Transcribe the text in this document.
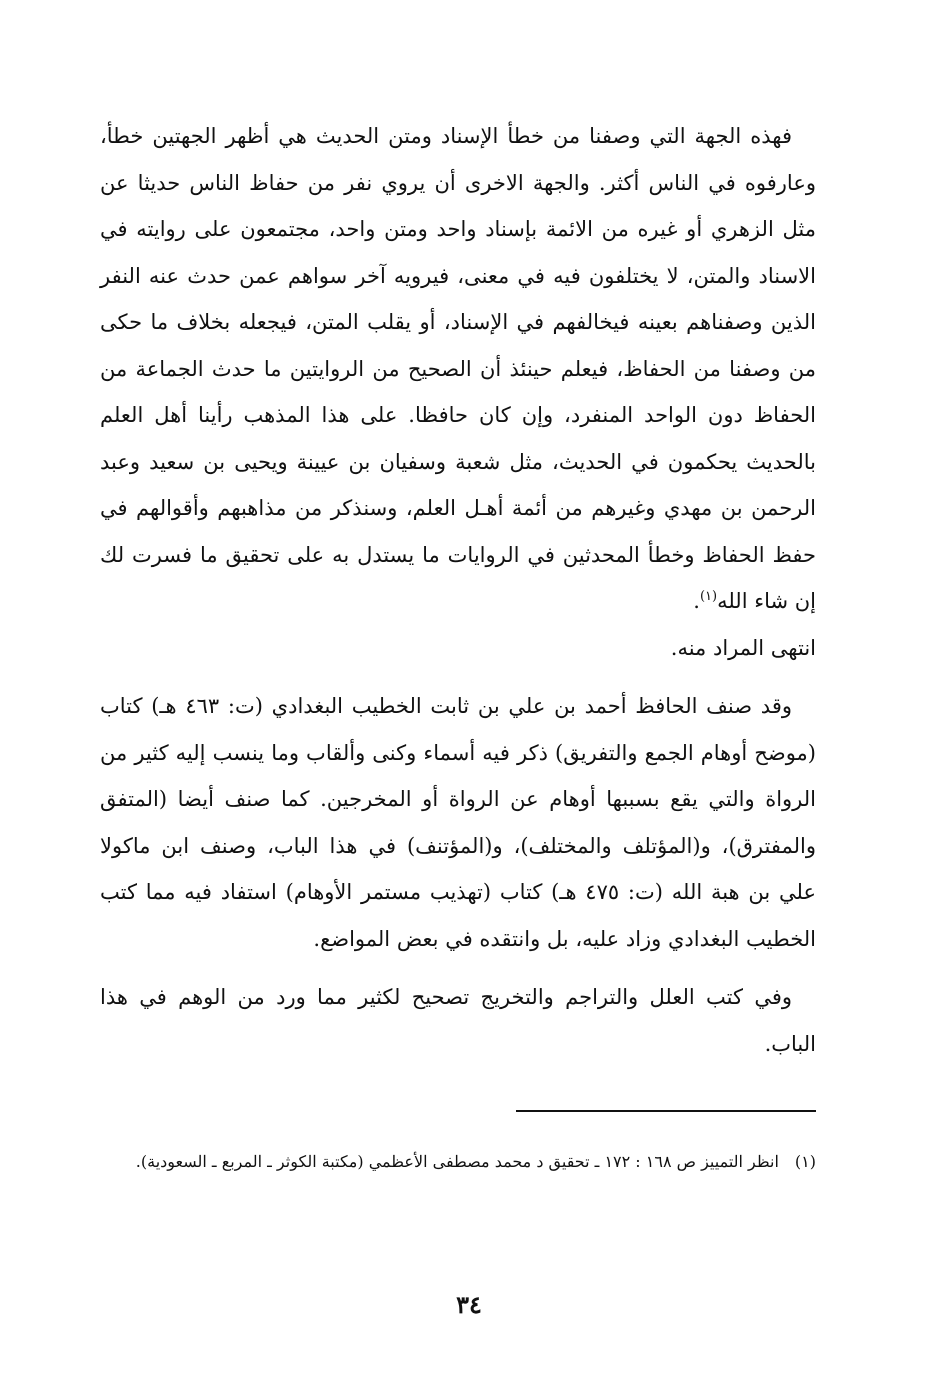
فهذه الجهة التي وصفنا من خطأ الإسناد ومتن الحديث هي أظهر الجهتين خطأ، وعارفوه في الناس أكثر. والجهة الاخرى أن يروي نفر من حفاظ الناس حديثا عن مثل الزهري أو غيره من الائمة بإسناد واحد ومتن واحد، مجتمعون على روايته في الاسناد والمتن، لا يختلفون فيه في معنى، فيرويه آخر سواهم عمن حدث عنه النفر الذين وصفناهم بعينه فيخالفهم في الإسناد، أو يقلب المتن، فيجعله بخلاف ما حكى من وصفنا من الحفاظ، فيعلم حينئذ أن الصحيح من الروايتين ما حدث الجماعة من الحفاظ دون الواحد المنفرد، وإن كان حافظا. على هذا المذهب رأينا أهل العلم بالحديث يحكمون في الحديث، مثل شعبة وسفيان بن عيينة ويحيى بن سعيد وعبد الرحمن بن مهدي وغيرهم من أئمة أهـل العلم، وسنذكر من مذاهبهم وأقوالهم في حفظ الحفاظ وخطأ المحدثين في الروايات ما يستدل به على تحقيق ما فسرت لك إن شاء الله$^{(١)}$.
انتهى المراد منه.

وقد صنف الحافظ أحمد بن علي بن ثابت الخطيب البغدادي (ت: ٤٦٣ هـ) كتاب (موضح أوهام الجمع والتفريق) ذكر فيه أسماء وكنى وألقاب وما ينسب إليه كثير من الرواة والتي يقع بسببها أوهام عن الرواة أو المخرجين. كما صنف أيضا (المتفق والمفترق)، و(المؤتلف والمختلف)، و(المؤتنف) في هذا الباب، وصنف ابن ماكولا علي بن هبة الله (ت: ٤٧٥ هـ) كتاب (تهذيب مستمر الأوهام) استفاد فيه مما كتب الخطيب البغدادي وزاد عليه، بل وانتقده في بعض المواضع.

وفي كتب العلل والتراجم والتخريج تصحيح لكثير مما ورد من الوهم في هذا الباب.

(١)انظر التمييز ص ١٦٨ : ١٧٢ ـ تحقيق د محمد مصطفى الأعظمي (مكتبة الكوثر ـ المربع ـ السعودية).
٣٤
